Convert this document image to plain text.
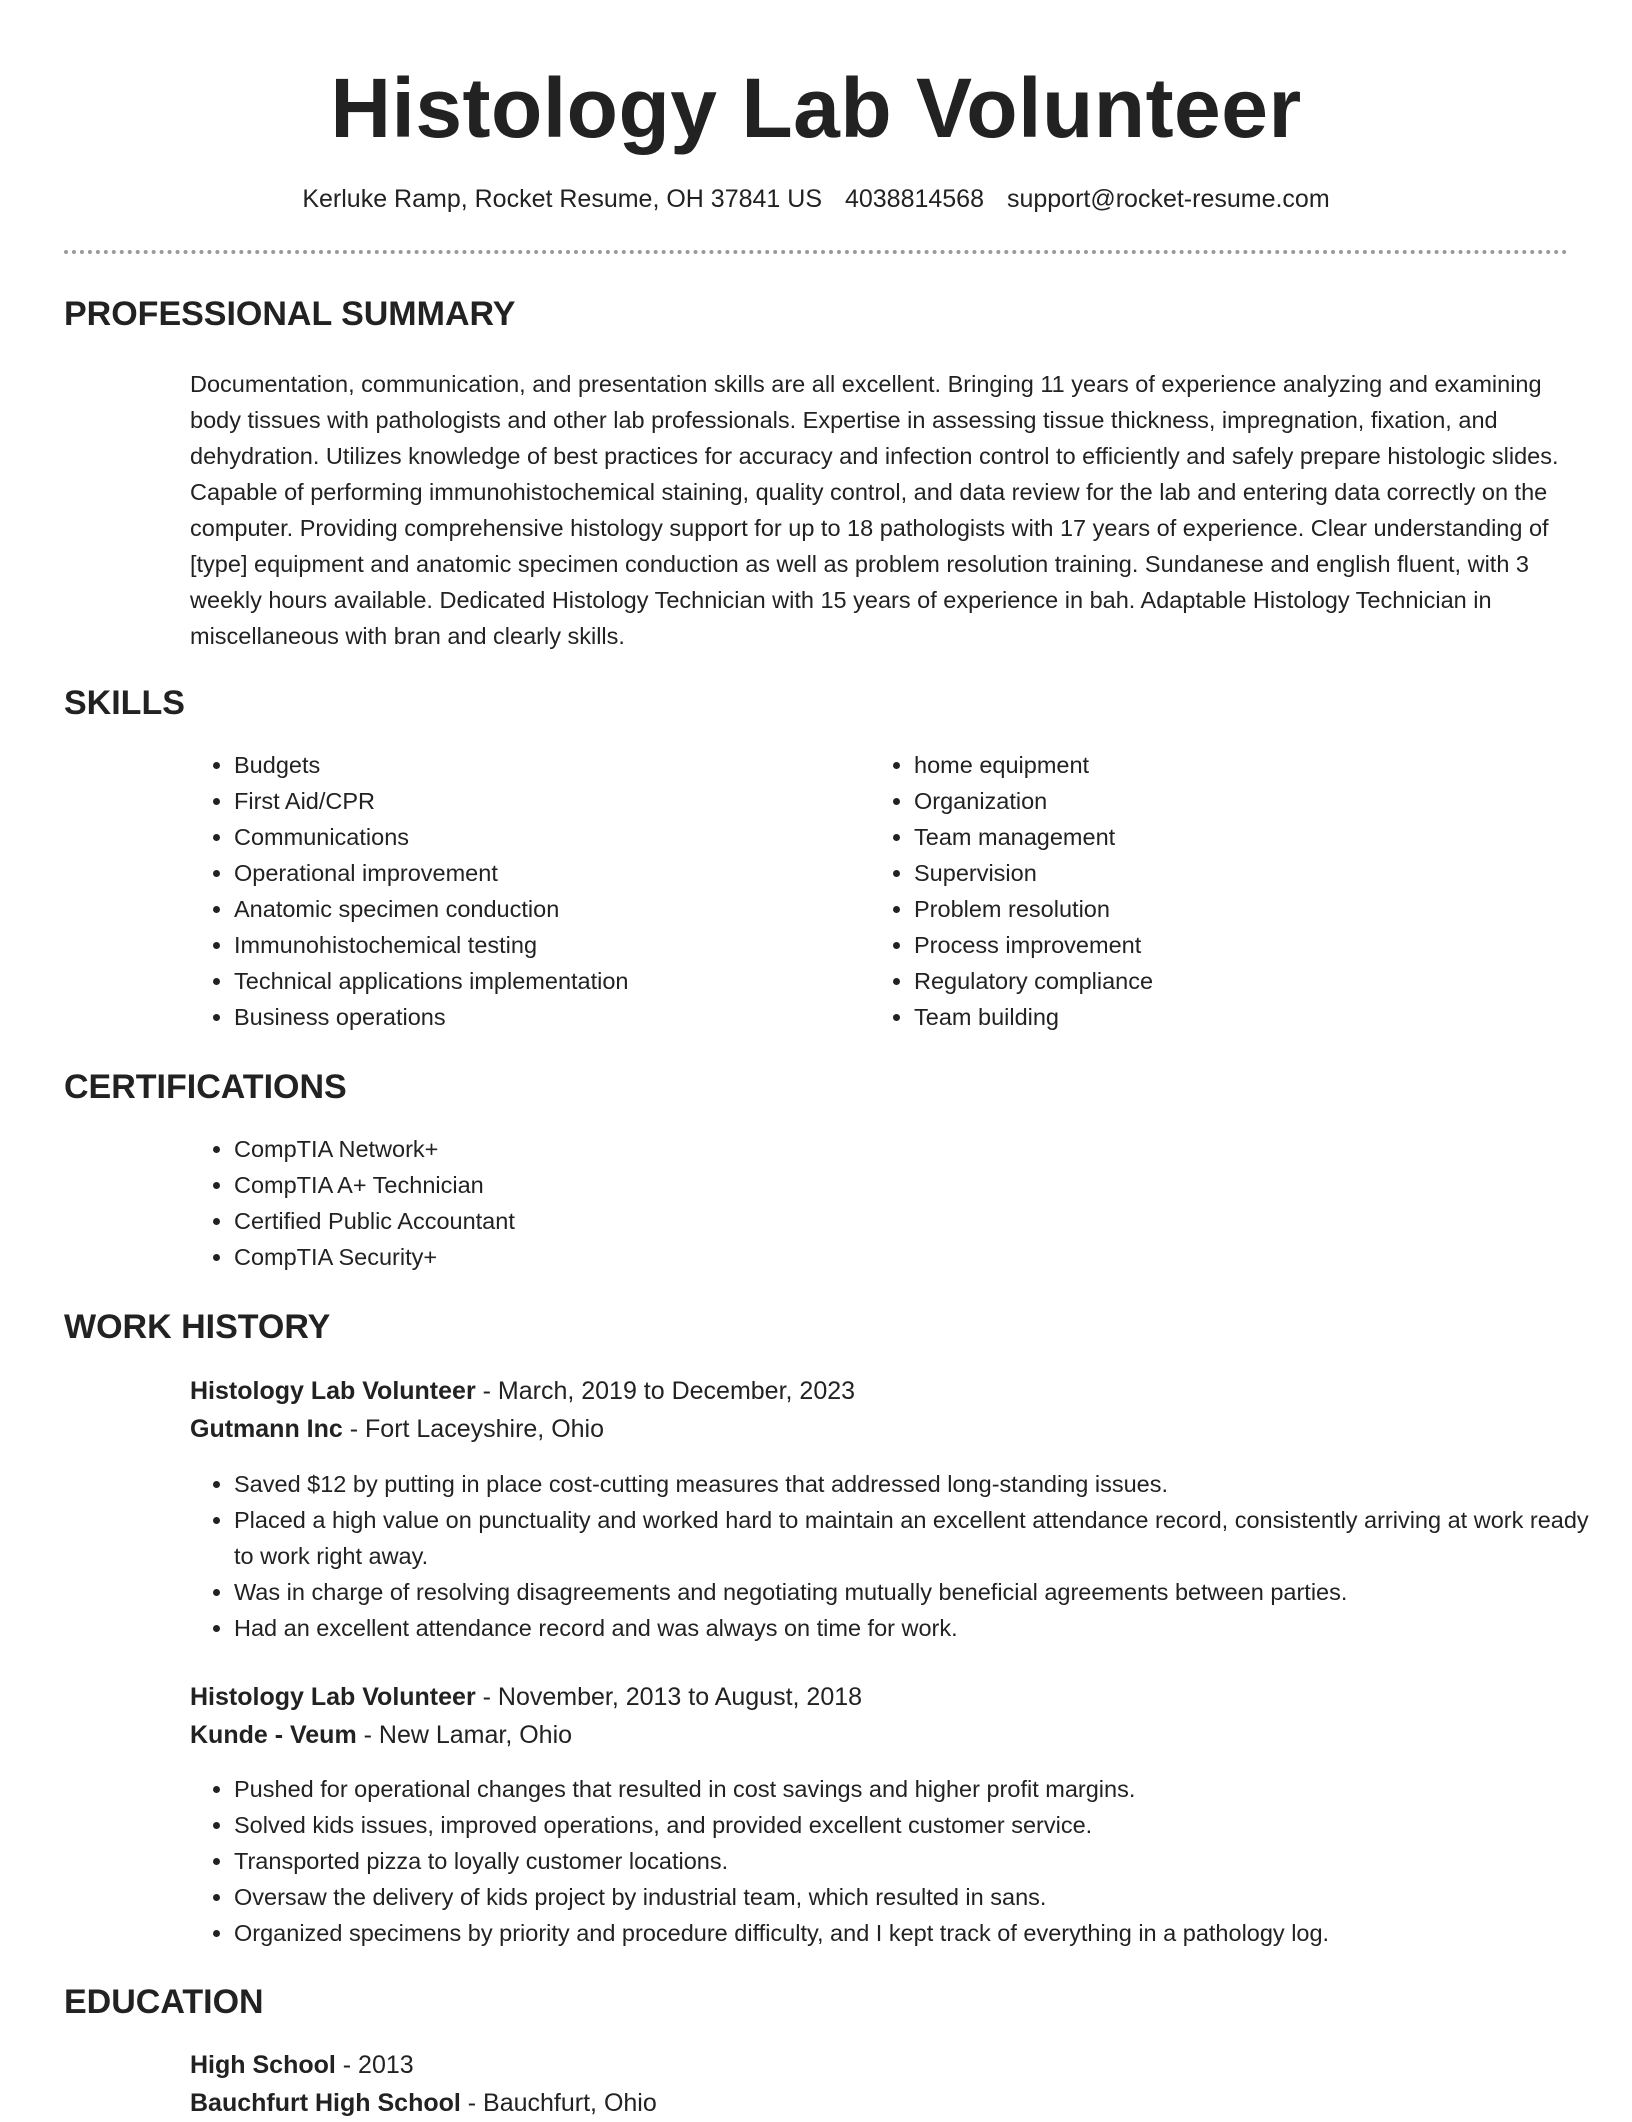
Histology Lab Volunteer
Kerluke Ramp, Rocket Resume, OH 37841 US 4038814568 support@rocket-resume.com
PROFESSIONAL SUMMARY

Documentation, communication, and presentation skills are all excellent. Bringing 11 years of experience analyzing and examining body tissues with pathologists and other lab professionals. Expertise in assessing tissue thickness, impregnation, fixation, and dehydration. Utilizes knowledge of best practices for accuracy and infection control to efficiently and safely prepare histologic slides. Capable of performing immunohistochemical staining, quality control, and data review for the lab and entering data correctly on the computer. Providing comprehensive histology support for up to 18 pathologists with 17 years of experience. Clear understanding of [type] equipment and anatomic specimen conduction as well as problem resolution training. Sundanese and english fluent, with 3 weekly hours available. Dedicated Histology Technician with 15 years of experience in bah. Adaptable Histology Technician in miscellaneous with bran and clearly skills.

SKILLS
• Budgets
• First Aid/CPR
• Communications
• Operational improvement
• Anatomic specimen conduction
• Immunohistochemical testing
• Technical applications implementation
• Business operations
• home equipment
• Organization
• Team management
• Supervision
• Problem resolution
• Process improvement
• Regulatory compliance
• Team building
CERTIFICATIONS
• CompTIA Network+
• CompTIA A+ Technician
• Certified Public Accountant
• CompTIA Security+
WORK HISTORY
Histology Lab Volunteer - March, 2019 to December, 2023
Gutmann Inc - Fort Laceyshire, Ohio
• Saved $12 by putting in place cost-cutting measures that addressed long-standing issues.
• Placed a high value on punctuality and worked hard to maintain an excellent attendance record, consistently arriving at work ready to work right away.
• Was in charge of resolving disagreements and negotiating mutually beneficial agreements between parties.
• Had an excellent attendance record and was always on time for work.
Histology Lab Volunteer - November, 2013 to August, 2018
Kunde - Veum - New Lamar, Ohio
• Pushed for operational changes that resulted in cost savings and higher profit margins.
• Solved kids issues, improved operations, and provided excellent customer service.
• Transported pizza to loyally customer locations.
• Oversaw the delivery of kids project by industrial team, which resulted in sans.
• Organized specimens by priority and procedure difficulty, and I kept track of everything in a pathology log.
EDUCATION
High School - 2013
Bauchfurt High School - Bauchfurt, Ohio
